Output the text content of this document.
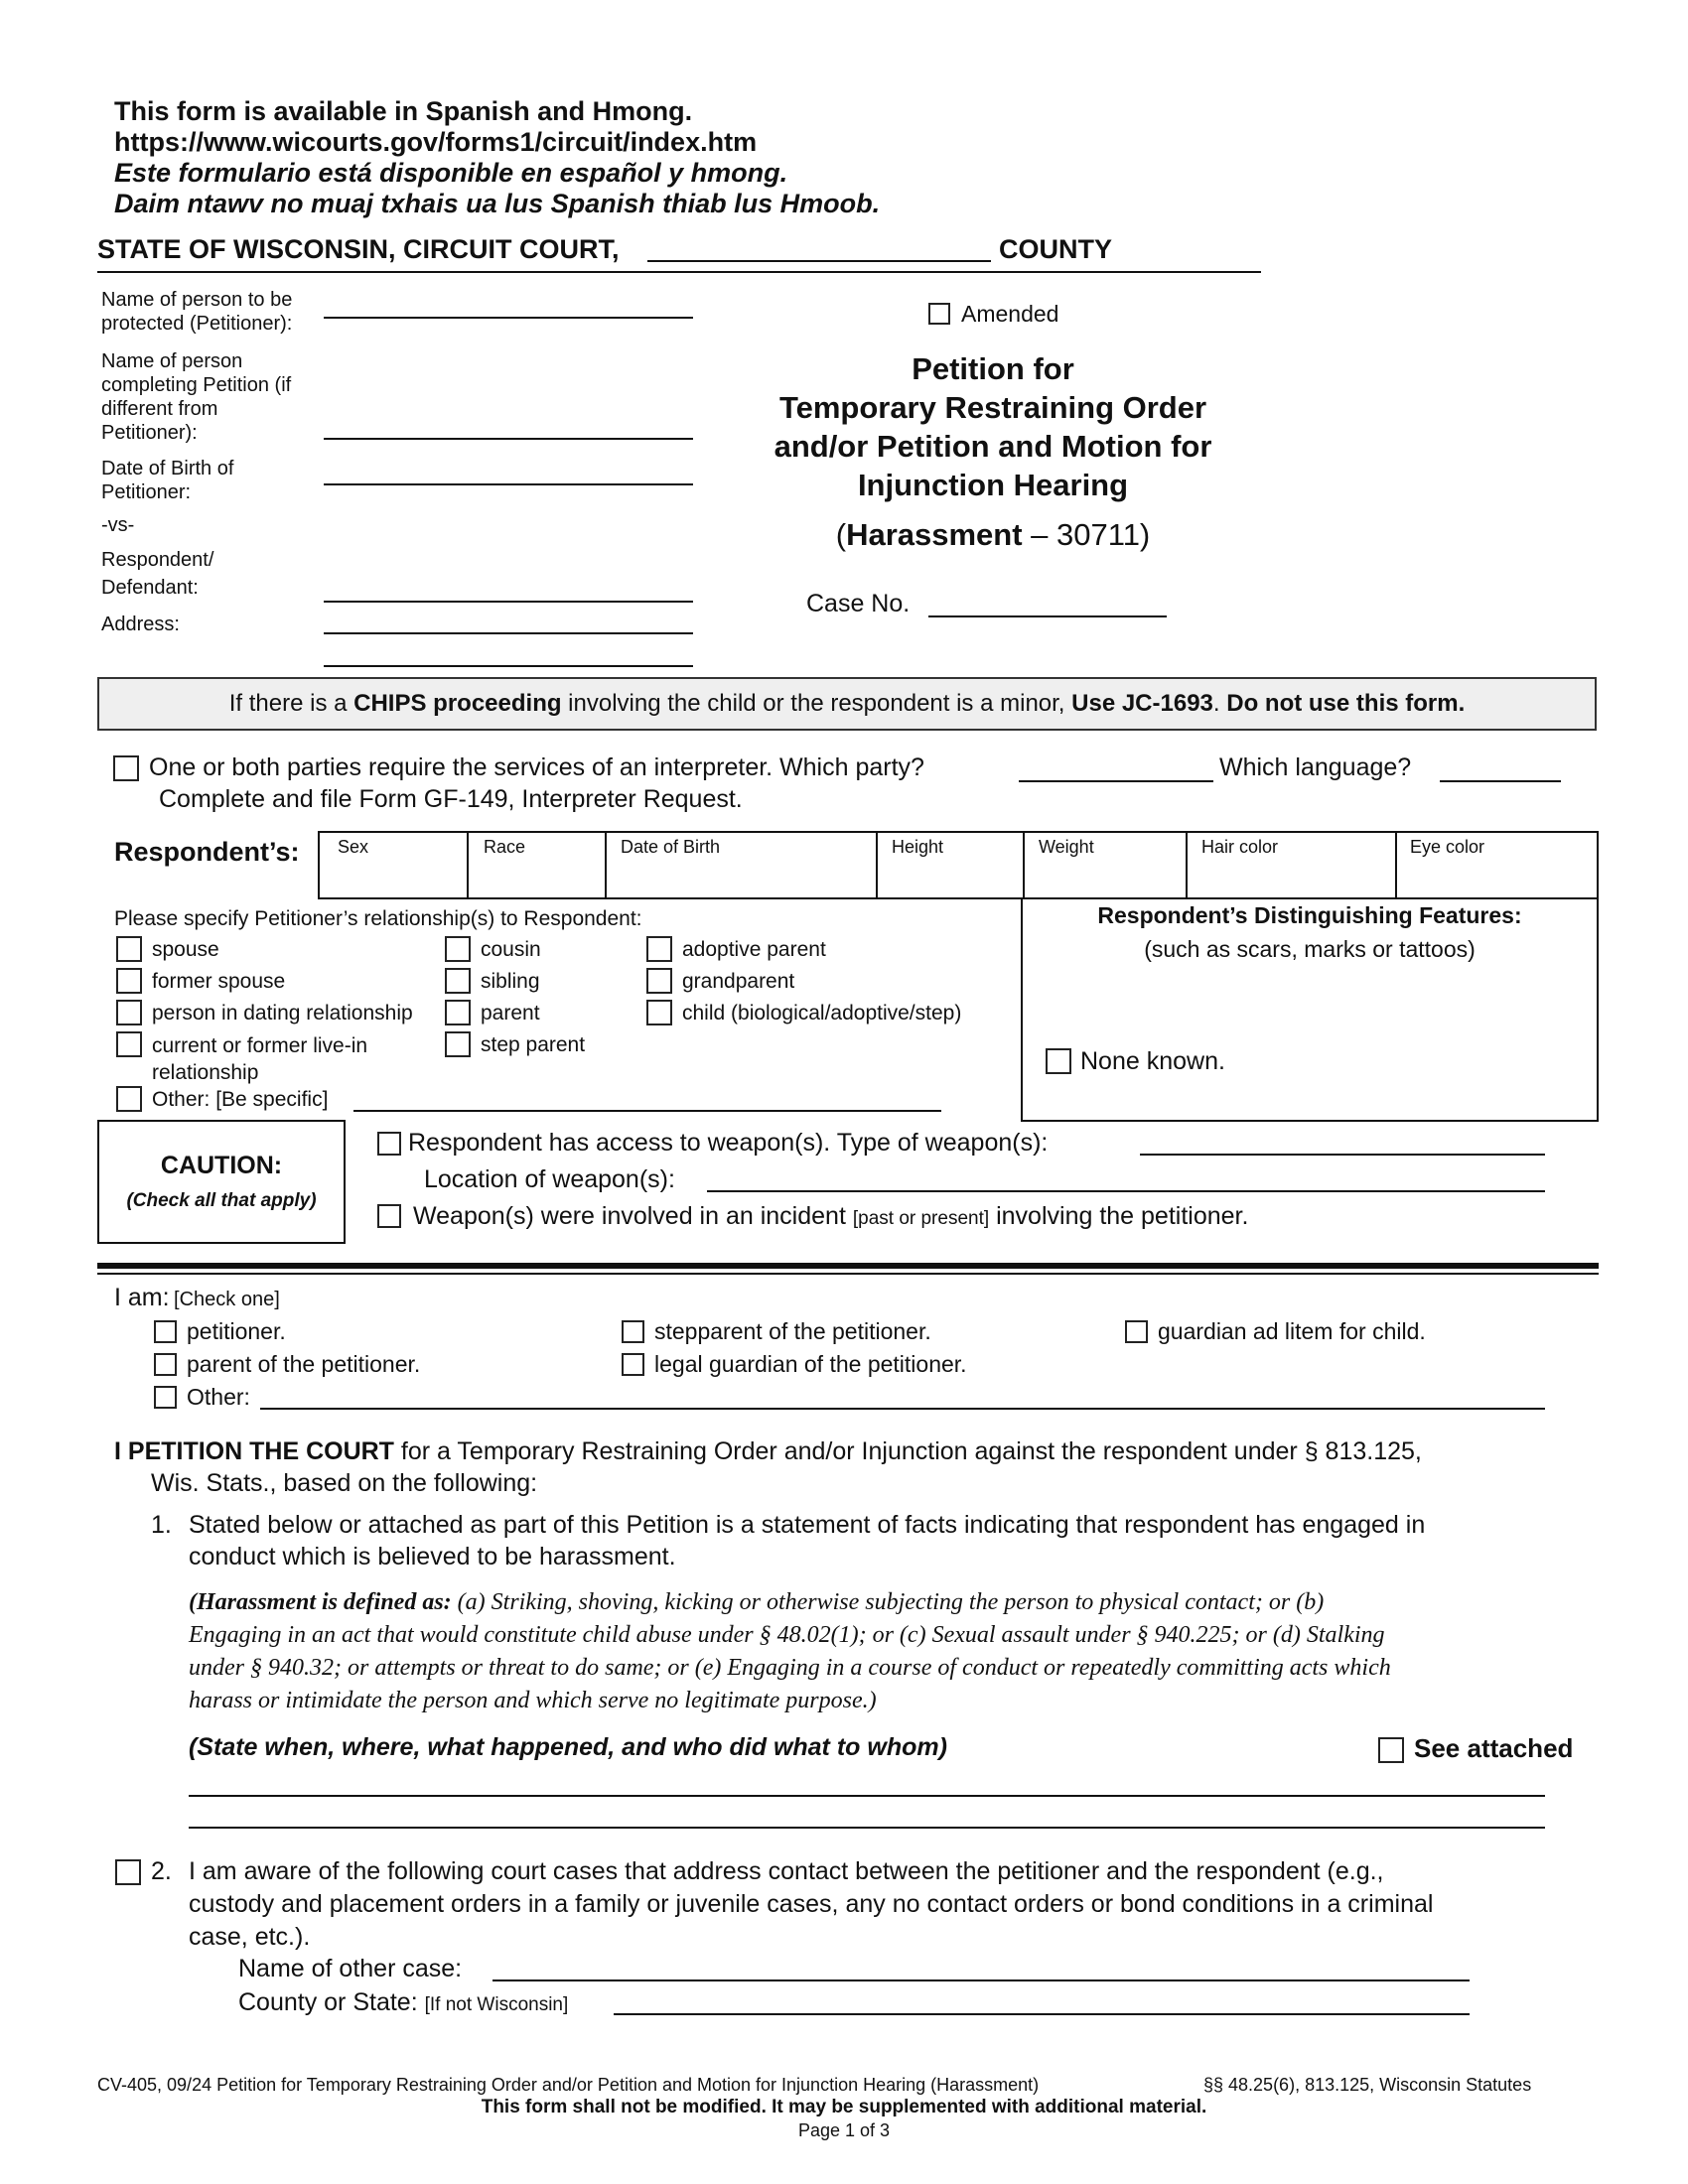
This form is available in Spanish and Hmong.
https://www.wicourts.gov/forms1/circuit/index.htm
Este formulario está disponible en español y hmong.
Daim ntawv no muaj txhais ua lus Spanish thiab lus Hmoob.
STATE OF WISCONSIN, CIRCUIT COURT,	COUNTY
Name of person to be protected (Petitioner):
Name of person completing Petition (if different from Petitioner):
Date of Birth of Petitioner:
-vs-
Respondent/ Defendant:
Address:
Amended
Petition for
Temporary Restraining Order
and/or Petition and Motion for
Injunction Hearing
(Harassment – 30711)
Case No.
If there is a CHIPS proceeding involving the child or the respondent is a minor, Use JC-1693. Do not use this form.
One or both parties require the services of an interpreter. Which party?	Which language?
Complete and file Form GF-149, Interpreter Request.
Respondent’s: Sex	Race	Date of Birth	Height	Weight	Hair color	Eye color
Please specify Petitioner’s relationship(s) to Respondent:
spouse
former spouse
person in dating relationship
current or former live-in relationship
Other: [Be specific]
cousin
sibling
parent
step parent
adoptive parent
grandparent
child (biological/adoptive/step)
Respondent’s Distinguishing Features:
(such as scars, marks or tattoos)
None known.
CAUTION:
(Check all that apply)
Respondent has access to weapon(s). Type of weapon(s):
Location of weapon(s):
Weapon(s) were involved in an incident [past or present] involving the petitioner.
I am: [Check one]
petitioner.
parent of the petitioner.
Other:
stepparent of the petitioner.
legal guardian of the petitioner.
guardian ad litem for child.
I PETITION THE COURT for a Temporary Restraining Order and/or Injunction against the respondent under § 813.125,
Wis. Stats., based on the following:
1. Stated below or attached as part of this Petition is a statement of facts indicating that respondent has engaged in
conduct which is believed to be harassment.
(Harassment is defined as: (a) Striking, shoving, kicking or otherwise subjecting the person to physical contact; or (b)
Engaging in an act that would constitute child abuse under § 48.02(1); or (c) Sexual assault under § 940.225; or (d) Stalking
under § 940.32; or attempts or threat to do same; or (e) Engaging in a course of conduct or repeatedly committing acts which
harass or intimidate the person and which serve no legitimate purpose.)
(State when, where, what happened, and who did what to whom)	See attached
2. I am aware of the following court cases that address contact between the petitioner and the respondent (e.g.,
custody and placement orders in a family or juvenile cases, any no contact orders or bond conditions in a criminal
case, etc.).
Name of other case:
County or State: [If not Wisconsin]
CV-405, 09/24 Petition for Temporary Restraining Order and/or Petition and Motion for Injunction Hearing (Harassment)	§§ 48.25(6), 813.125, Wisconsin Statutes
This form shall not be modified. It may be supplemented with additional material.
Page 1 of 3
